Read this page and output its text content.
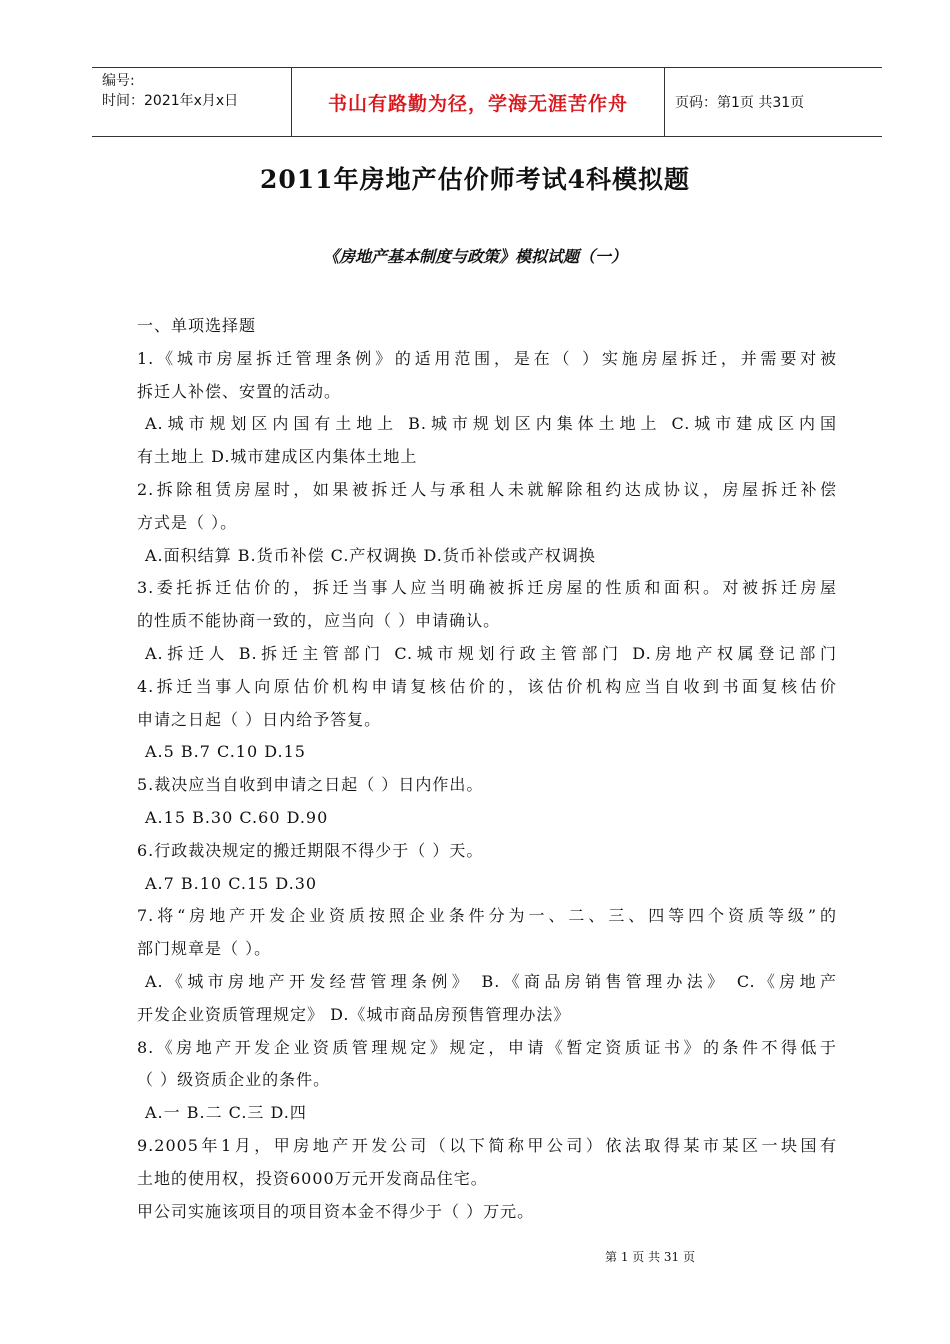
编号:
时间：2021年x月x日	书山有路勤为径，学海无涯苦作舟	页码：第1页 共31页
2011年房地产估价师考试4科模拟题
《房地产基本制度与政策》模拟试题（一）
一、单项选择题
1.《城市房屋拆迁管理条例》的适用范围，是在（ ）实施房屋拆迁，并需要对被
拆迁人补偿、安置的活动。
A.城市规划区内国有土地上 B.城市规划区内集体土地上 C.城市建成区内国
有土地上 D.城市建成区内集体土地上
2.拆除租赁房屋时，如果被拆迁人与承租人未就解除租约达成协议，房屋拆迁补偿
方式是（ ）。
A.面积结算 B.货币补偿 C.产权调换 D.货币补偿或产权调换
3.委托拆迁估价的，拆迁当事人应当明确被拆迁房屋的性质和面积。对被拆迁房屋
的性质不能协商一致的，应当向（ ）申请确认。
A.拆迁人 B.拆迁主管部门 C.城市规划行政主管部门 D.房地产权属登记部门
4.拆迁当事人向原估价机构申请复核估价的，该估价机构应当自收到书面复核估价
申请之日起（ ）日内给予答复。
A.5 B.7 C.10 D.15
5.裁决应当自收到申请之日起（ ）日内作出。
A.15 B.30 C.60 D.90
6.行政裁决规定的搬迁期限不得少于（ ）天。
A.7 B.10 C.15 D.30
7.将“房地产开发企业资质按照企业条件分为一、二、三、四等四个资质等级”的
部门规章是（ ）。
A.《城市房地产开发经营管理条例》 B.《商品房销售管理办法》 C.《房地产
开发企业资质管理规定》 D.《城市商品房预售管理办法》
8.《房地产开发企业资质管理规定》规定，申请《暂定资质证书》的条件不得低于
（ ）级资质企业的条件。
A.一 B.二 C.三 D.四
9.2005年1月，甲房地产开发公司（以下简称甲公司）依法取得某市某区一块国有
土地的使用权，投资6000万元开发商品住宅。
甲公司实施该项目的项目资本金不得少于（ ）万元。
第 1 页 共 31 页
